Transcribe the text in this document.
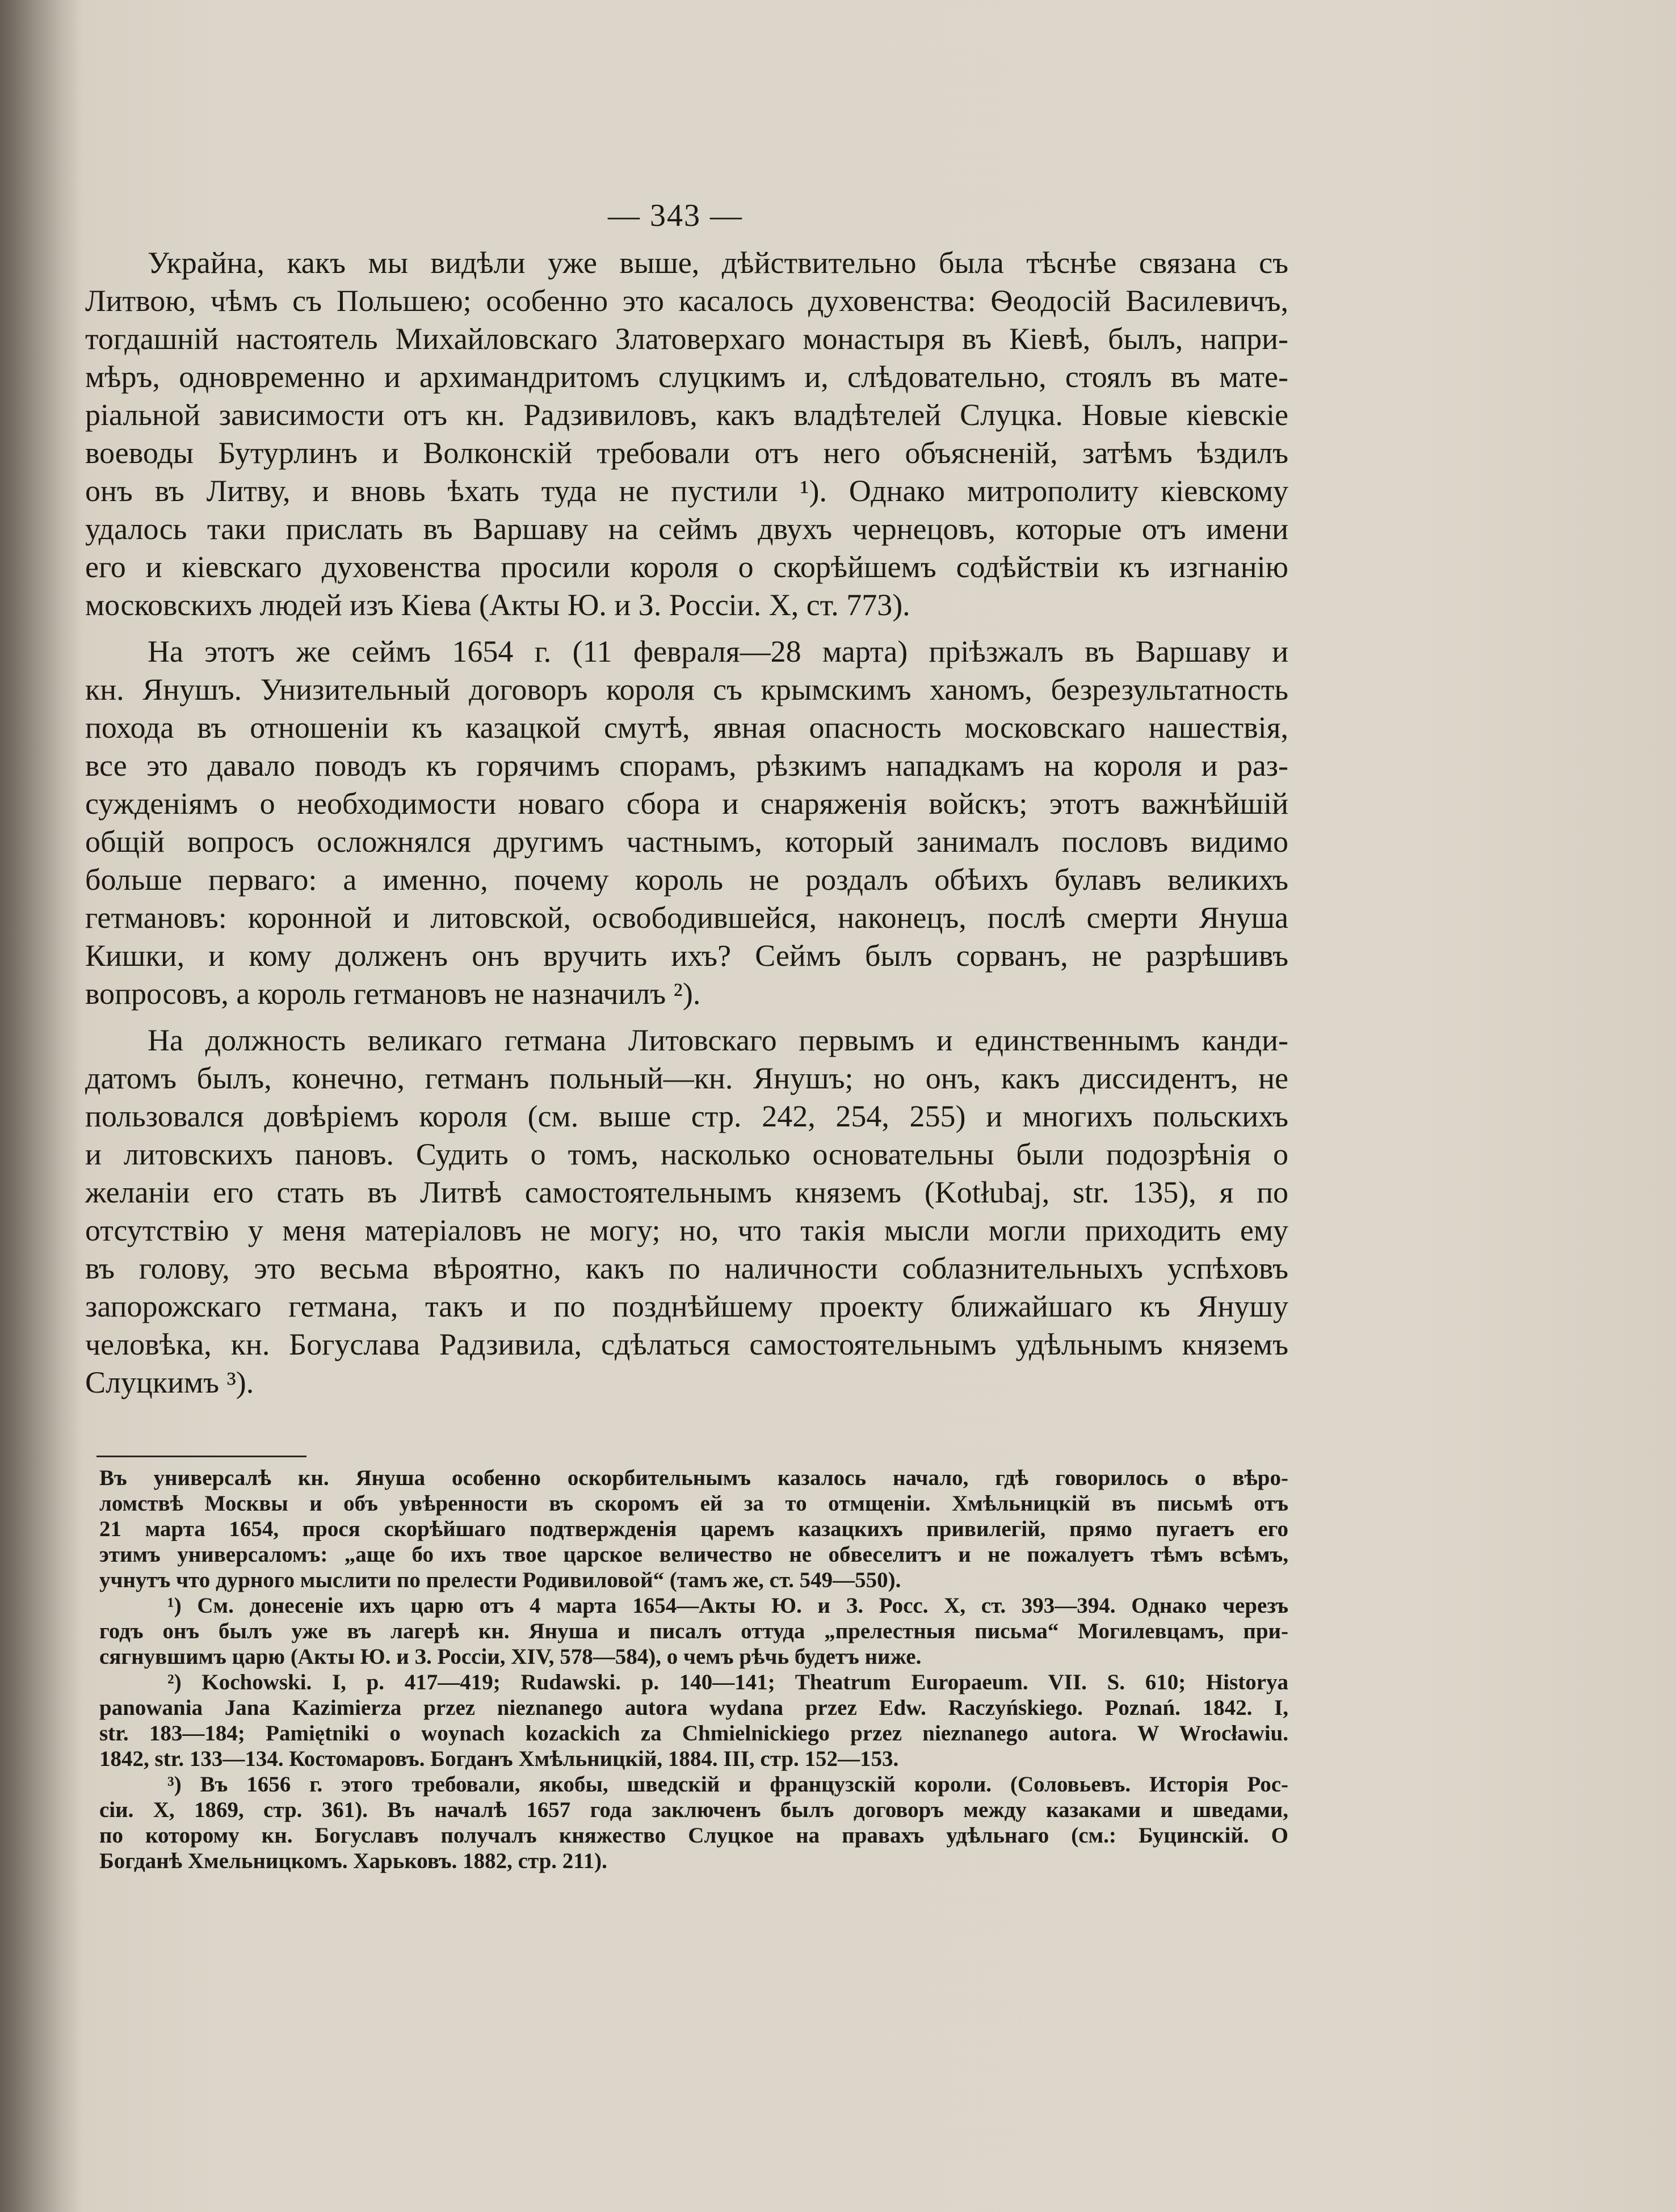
— 343 —
Украйна, какъ мы видѣли уже выше, дѣйствительно была тѣснѣе связана съ
Литвою, чѣмъ съ Польшею; особенно это касалось духовенства: Ѳеодосій Василевичъ,
тогдашній настоятель Михайловскаго Златоверхаго монастыря въ Кіевѣ, былъ, напри-
мѣръ, одновременно и архимандритомъ слуцкимъ и, слѣдовательно, стоялъ въ мате-
ріальной зависимости отъ кн. Радзивиловъ, какъ владѣтелей Слуцка. Новые кіевскіе
воеводы Бутурлинъ и Волконскій требовали отъ него объясненій, затѣмъ ѣздилъ
онъ въ Литву, и вновь ѣхать туда не пустили ¹). Однако митрополиту кіевскому
удалось таки прислать въ Варшаву на сеймъ двухъ чернецовъ, которые отъ имени
его и кіевскаго духовенства просили короля о скорѣйшемъ содѣйствіи къ изгнанію
московскихъ людей изъ Кіева (Акты Ю. и З. Россіи. X, ст. 773).
На этотъ же сеймъ 1654 г. (11 февраля—28 марта) пріѣзжалъ въ Варшаву и
кн. Янушъ. Унизительный договоръ короля съ крымскимъ ханомъ, безрезультатность
похода въ отношеніи къ казацкой смутѣ, явная опасность московскаго нашествія,
все это давало поводъ къ горячимъ спорамъ, рѣзкимъ нападкамъ на короля и раз-
сужденіямъ о необходимости новаго сбора и снаряженія войскъ; этотъ важнѣйшій
общій вопросъ осложнялся другимъ частнымъ, который занималъ пословъ видимо
больше перваго: а именно, почему король не роздалъ обѣихъ булавъ великихъ
гетмановъ: коронной и литовской, освободившейся, наконецъ, послѣ смерти Януша
Кишки, и кому долженъ онъ вручить ихъ? Сеймъ былъ сорванъ, не разрѣшивъ
вопросовъ, а король гетмановъ не назначилъ ²).
На должность великаго гетмана Литовскаго первымъ и единственнымъ канди-
датомъ былъ, конечно, гетманъ польный—кн. Янушъ; но онъ, какъ диссидентъ, не
пользовался довѣріемъ короля (см. выше стр. 242, 254, 255) и многихъ польскихъ
и литовскихъ пановъ. Судить о томъ, насколько основательны были подозрѣнія о
желаніи его стать въ Литвѣ самостоятельнымъ княземъ (Kotłubaj, str. 135), я по
отсутствію у меня матеріаловъ не могу; но, что такія мысли могли приходить ему
въ голову, это весьма вѣроятно, какъ по наличности соблазнительныхъ успѣховъ
запорожскаго гетмана, такъ и по позднѣйшему проекту ближайшаго къ Янушу
человѣка, кн. Богуслава Радзивила, сдѣлаться самостоятельнымъ удѣльнымъ княземъ
Слуцкимъ ³).
Въ универсалѣ кн. Януша особенно оскорбительнымъ казалось начало, гдѣ говорилось о вѣро-
ломствѣ Москвы и объ увѣренности въ скоромъ ей за то отмщеніи. Хмѣльницкій въ письмѣ отъ
21 марта 1654, прося скорѣйшаго подтвержденія царемъ казацкихъ привилегій, прямо пугаетъ его
этимъ универсаломъ: „аще бо ихъ твое царское величество не обвеселитъ и не пожалуетъ тѣмъ всѣмъ,
учнутъ что дурного мыслити по прелести Родивиловой“ (тамъ же, ст. 549—550).
¹) См. донесеніе ихъ царю отъ 4 марта 1654—Акты Ю. и З. Росс. X, ст. 393—394. Однако черезъ
годъ онъ былъ уже въ лагерѣ кн. Януша и писалъ оттуда „прелестныя письма“ Могилевцамъ, при-
сягнувшимъ царю (Акты Ю. и З. Россіи, XIV, 578—584), о чемъ рѣчь будетъ ниже.
²) Kochowski. I, p. 417—419; Rudawski. p. 140—141; Theatrum Europaeum. VII. S. 610; Historya
panowania Jana Kazimierza przez nieznanego autora wydana przez Edw. Raczyńskiego. Poznań. 1842. I,
str. 183—184; Pamiętniki o woynach kozackich za Chmielnickiego przez nieznanego autora. W Wrocławiu.
1842, str. 133—134. Костомаровъ. Богданъ Хмѣльницкій, 1884. III, стр. 152—153.
³) Въ 1656 г. этого требовали, якобы, шведскій и французскій короли. (Соловьевъ. Исторія Рос-
сіи. X, 1869, стр. 361). Въ началѣ 1657 года заключенъ былъ договоръ между казаками и шведами,
по которому кн. Богуславъ получалъ княжество Слуцкое на правахъ удѣльнаго (см.: Буцинскій. О
Богданѣ Хмельницкомъ. Харьковъ. 1882, стр. 211).
